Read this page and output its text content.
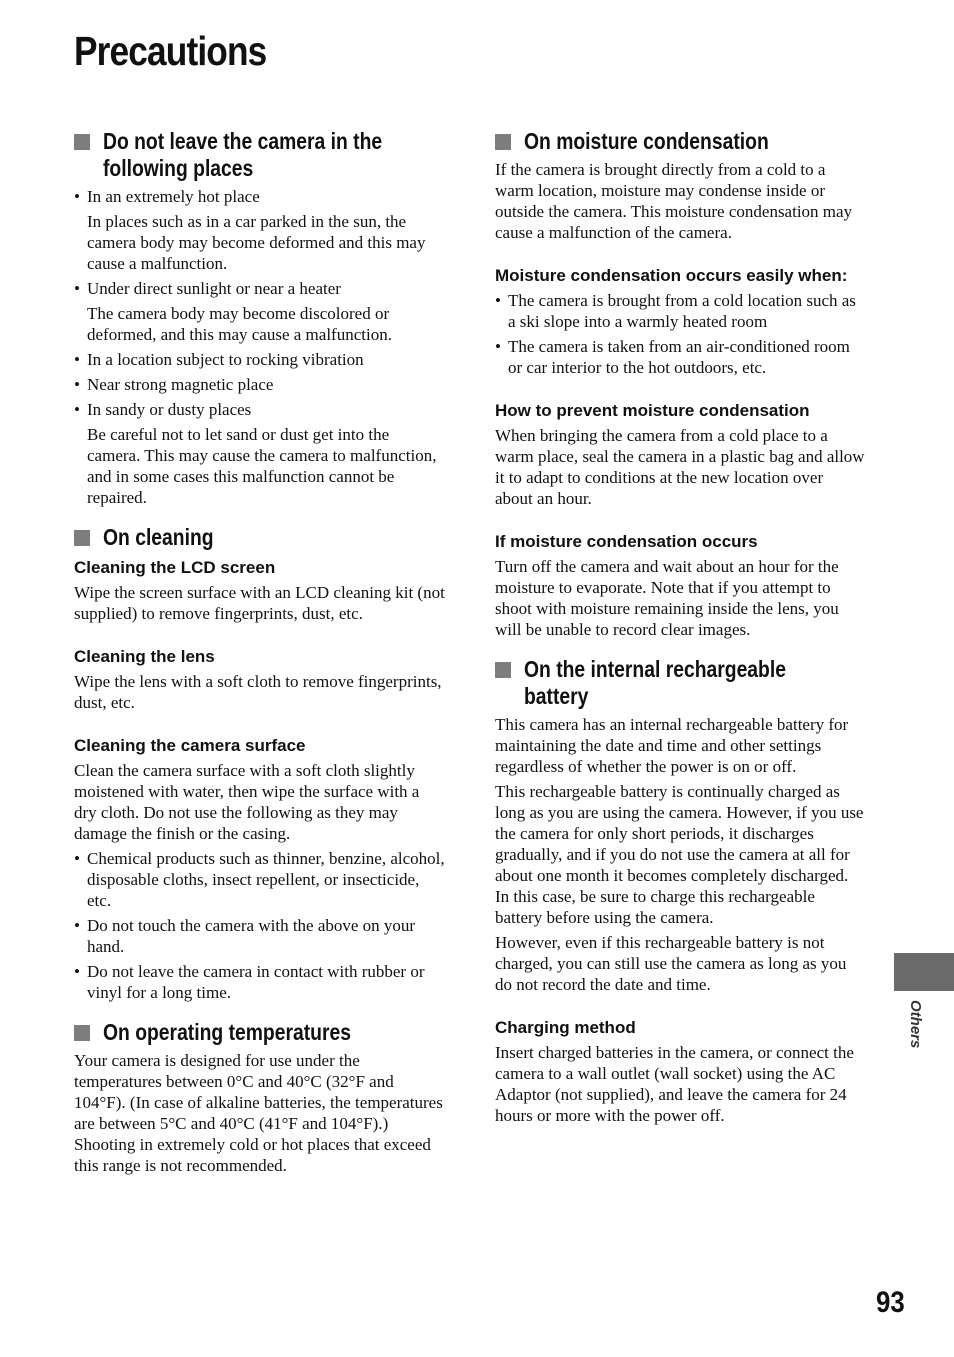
Precautions
Do not leave the camera in the following places
• In an extremely hot place

In places such as in a car parked in the sun, the camera body may become deformed and this may cause a malfunction.

• Under direct sunlight or near a heater

The camera body may become discolored or deformed, and this may cause a malfunction.

• In a location subject to rocking vibration
• Near strong magnetic place
• In sandy or dusty places

Be careful not to let sand or dust get into the camera. This may cause the camera to malfunction, and in some cases this malfunction cannot be repaired.

On cleaning
Cleaning the LCD screen

Wipe the screen surface with an LCD cleaning kit (not supplied) to remove fingerprints, dust, etc.

Cleaning the lens

Wipe the lens with a soft cloth to remove fingerprints, dust, etc.

Cleaning the camera surface

Clean the camera surface with a soft cloth slightly moistened with water, then wipe the surface with a dry cloth. Do not use the following as they may damage the finish or the casing.

• Chemical products such as thinner, benzine, alcohol, disposable cloths, insect repellent, or insecticide, etc.
• Do not touch the camera with the above on your hand.
• Do not leave the camera in contact with rubber or vinyl for a long time.
On operating temperatures

Your camera is designed for use under the temperatures between 0°C and 40°C (32°F and 104°F). (In case of alkaline batteries, the temperatures are between 5°C and 40°C (41°F and 104°F).) Shooting in extremely cold or hot places that exceed this range is not recommended.

On moisture condensation

If the camera is brought directly from a cold to a warm location, moisture may condense inside or outside the camera. This moisture condensation may cause a malfunction of the camera.

Moisture condensation occurs easily when:
• The camera is brought from a cold location such as a ski slope into a warmly heated room
• The camera is taken from an air-conditioned room or car interior to the hot outdoors, etc.
How to prevent moisture condensation

When bringing the camera from a cold place to a warm place, seal the camera in a plastic bag and allow it to adapt to conditions at the new location over about an hour.

If moisture condensation occurs

Turn off the camera and wait about an hour for the moisture to evaporate. Note that if you attempt to shoot with moisture remaining inside the lens, you will be unable to record clear images.

On the internal rechargeable battery

This camera has an internal rechargeable battery for maintaining the date and time and other settings regardless of whether the power is on or off.

This rechargeable battery is continually charged as long as you are using the camera. However, if you use the camera for only short periods, it discharges gradually, and if you do not use the camera at all for about one month it becomes completely discharged. In this case, be sure to charge this rechargeable battery before using the camera.

However, even if this rechargeable battery is not charged, you can still use the camera as long as you do not record the date and time.

Charging method

Insert charged batteries in the camera, or connect the camera to a wall outlet (wall socket) using the AC Adaptor (not supplied), and leave the camera for 24 hours or more with the power off.

Others
93
